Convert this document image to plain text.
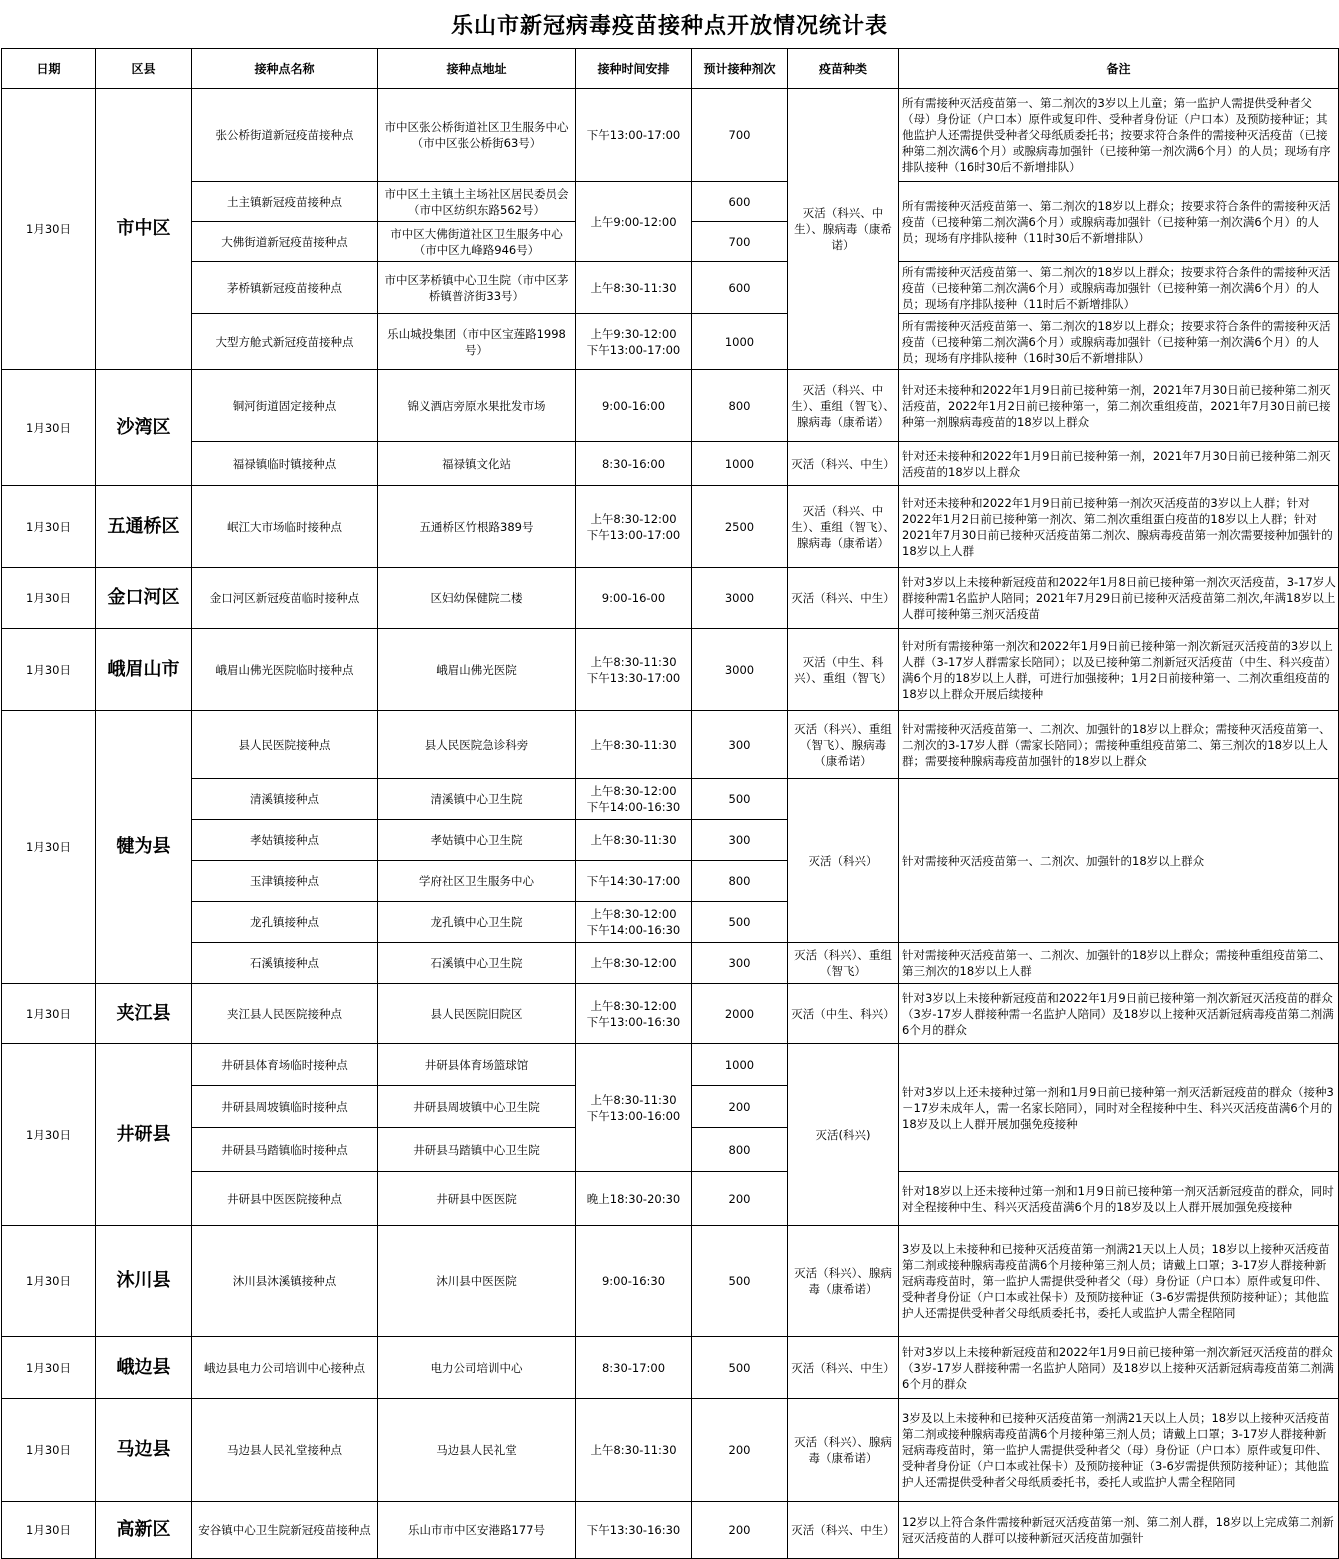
乐山市新冠病毒疫苗接种点开放情况统计表
日期	区县	接种点名称	接种点地址	接种时间安排	预计接种剂次	疫苗种类	备注
1月30日	市中区	张公桥街道新冠疫苗接种点	市中区张公桥街道社区卫生服务中心（市中区张公桥街63号）	下午13:00-17:00	700	灭活（科兴、中生）、腺病毒（康希诺）	所有需接种灭活疫苗第一、第二剂次的3岁以上儿童；第一监护人需提供受种者父（母）身份证（户口本）原件或复印件、受种者身份证（户口本）及预防接种证；其他监护人还需提供受种者父母纸质委托书；按要求符合条件的需接种灭活疫苗（已接种第二剂次满6个月）或腺病毒加强针（已接种第一剂次满6个月）的人员；现场有序排队接种（16时30后不新增排队）
		土主镇新冠疫苗接种点	市中区土主镇土主场社区居民委员会（市中区纺织东路562号）	上午9:00-12:00	600		所有需接种灭活疫苗第一、第二剂次的18岁以上群众；按要求符合条件的需接种灭活疫苗（已接种第二剂次满6个月）或腺病毒加强针（已接种第一剂次满6个月）的人员；现场有序排队接种（11时30后不新增排队）
		大佛街道新冠疫苗接种点	市中区大佛街道社区卫生服务中心（市中区九峰路946号）		700		
		茅桥镇新冠疫苗接种点	市中区茅桥镇中心卫生院（市中区茅桥镇普济街33号）	上午8:30-11:30	600		所有需接种灭活疫苗第一、第二剂次的18岁以上群众；按要求符合条件的需接种灭活疫苗（已接种第二剂次满6个月）或腺病毒加强针（已接种第一剂次满6个月）的人员；现场有序排队接种（11时后不新增排队）
		大型方舱式新冠疫苗接种点	乐山城投集团（市中区宝莲路1998号）	上午9:30-12:00
下午13:00-17:00	1000		所有需接种灭活疫苗第一、第二剂次的18岁以上群众；按要求符合条件的需接种灭活疫苗（已接种第二剂次满6个月）或腺病毒加强针（已接种第一剂次满6个月）的人员；现场有序排队接种（16时30后不新增排队）
1月30日	沙湾区	铜河街道固定接种点	锦义酒店旁原水果批发市场	9:00-16:00	800	灭活（科兴、中生）、重组（智飞）、腺病毒（康希诺）	针对还未接种和2022年1月9日前已接种第一剂，2021年7月30日前已接种第二剂灭活疫苗，2022年1月2日前已接种第一，第二剂次重组疫苗，2021年7月30日前已接种第一剂腺病毒疫苗的18岁以上群众
		福禄镇临时镇接种点	福禄镇文化站	8:30-16:00	1000	灭活（科兴、中生）	针对还未接种和2022年1月9日前已接种第一剂，2021年7月30日前已接种第二剂灭活疫苗的18岁以上群众
1月30日	五通桥区	岷江大市场临时接种点	五通桥区竹根路389号	上午8:30-12:00
下午13:00-17:00	2500	灭活（科兴、中生）、重组（智飞）、腺病毒（康希诺）	针对还未接种和2022年1月9日前已接种第一剂次灭活疫苗的3岁以上人群；针对2022年1月2日前已接种第一剂次、第二剂次重组蛋白疫苗的18岁以上人群；针对2021年7月30日前已接种灭活疫苗第二剂次、腺病毒疫苗第一剂次需要接种加强针的18岁以上人群
1月30日	金口河区	金口河区新冠疫苗临时接种点	区妇幼保健院二楼	9:00-16-00	3000	灭活（科兴、中生）	针对3岁以上未接种新冠疫苗和2022年1月8日前已接种第一剂次灭活疫苗，3-17岁人群接种需1名监护人陪同；2021年7月29日前已接种灭活疫苗第二剂次,年满18岁以上人群可接种第三剂灭活疫苗
1月30日	峨眉山市	峨眉山佛光医院临时接种点	峨眉山佛光医院	上午8:30-11:30
下午13:30-17:00	3000	灭活（中生、科兴）、重组（智飞）	针对所有需接种第一剂次和2022年1月9日前已接种第一剂次新冠灭活疫苗的3岁以上人群（3-17岁人群需家长陪同）；以及已接种第二剂新冠灭活疫苗（中生、科兴疫苗）满6个月的18岁以上人群，可进行加强接种；1月2日前接种第一、二剂次重组疫苗的18岁以上群众开展后续接种
1月30日	犍为县	县人民医院接种点	县人民医院急诊科旁	上午8:30-11:30	300	灭活（科兴）、重组（智飞）、腺病毒（康希诺）	针对需接种灭活疫苗第一、二剂次、加强针的18岁以上群众；需接种灭活疫苗第一、二剂次的3-17岁人群（需家长陪同）；需接种重组疫苗第二、第三剂次的18岁以上人群；需要接种腺病毒疫苗加强针的18岁以上群众
		清溪镇接种点	清溪镇中心卫生院	上午8:30-12:00
下午14:00-16:30	500	灭活（科兴）	针对需接种灭活疫苗第一、二剂次、加强针的18岁以上群众
		孝姑镇接种点	孝姑镇中心卫生院	上午8:30-11:30	300		
		玉津镇接种点	学府社区卫生服务中心	下午14:30-17:00	800		
		龙孔镇接种点	龙孔镇中心卫生院	上午8:30-12:00
下午14:00-16:30	500		
		石溪镇接种点	石溪镇中心卫生院	上午8:30-12:00	300	灭活（科兴）、重组（智飞）	针对需接种灭活疫苗第一、二剂次、加强针的18岁以上群众；需接种重组疫苗第二、第三剂次的18岁以上人群
1月30日	夹江县	夹江县人民医院接种点	县人民医院旧院区	上午8:30-12:00
下午13:00-16:30	2000	灭活（中生、科兴）	针对3岁以上未接种新冠疫苗和2022年1月9日前已接种第一剂次新冠灭活疫苗的群众（3岁-17岁人群接种需一名监护人陪同）及18岁以上接种灭活新冠病毒疫苗第二剂满6个月的群众
1月30日	井研县	井研县体育场临时接种点	井研县体育场篮球馆	上午8:30-11:30
下午13:00-16:00	1000	灭活(科兴)	针对3岁以上还未接种过第一剂和1月9日前已接种第一剂灭活新冠疫苗的群众（接种3－17岁未成年人，需一名家长陪同），同时对全程接种中生、科兴灭活疫苗满6个月的18岁及以上人群开展加强免疫接种
		井研县周坡镇临时接种点	井研县周坡镇中心卫生院		200		
		井研县马踏镇临时接种点	井研县马踏镇中心卫生院		800		
		井研县中医医院接种点	井研县中医医院	晚上18:30-20:30	200		针对18岁以上还未接种过第一剂和1月9日前已接种第一剂灭活新冠疫苗的群众，同时对全程接种中生、科兴灭活疫苗满6个月的18岁及以上人群开展加强免疫接种
1月30日	沐川县	沐川县沐溪镇接种点	沐川县中医医院	9:00-16:30	500	灭活（科兴）、腺病毒（康希诺）	3岁及以上未接种和已接种灭活疫苗第一剂满21天以上人员；18岁以上接种灭活疫苗第二剂或接种腺病毒疫苗满6个月接种第三剂人员；请戴上口罩；3-17岁人群接种新冠病毒疫苗时，第一监护人需提供受种者父（母）身份证（户口本）原件或复印件、受种者身份证（户口本或社保卡）及预防接种证（3-6岁需提供预防接种证）；其他监护人还需提供受种者父母纸质委托书，委托人或监护人需全程陪同
1月30日	峨边县	峨边县电力公司培训中心接种点	电力公司培训中心	8:30-17:00	500	灭活（科兴、中生）	针对3岁以上未接种新冠疫苗和2022年1月9日前已接种第一剂次新冠灭活疫苗的群众（3岁-17岁人群接种需一名监护人陪同）及18岁以上接种灭活新冠病毒疫苗第二剂满6个月的群众
1月30日	马边县	马边县人民礼堂接种点	马边县人民礼堂	上午8:30-11:30	200	灭活（科兴）、腺病毒（康希诺）	3岁及以上未接种和已接种灭活疫苗第一剂满21天以上人员；18岁以上接种灭活疫苗第二剂或接种腺病毒疫苗满6个月接种第三剂人员；请戴上口罩；3-17岁人群接种新冠病毒疫苗时，第一监护人需提供受种者父（母）身份证（户口本）原件或复印件、受种者身份证（户口本或社保卡）及预防接种证（3-6岁需提供预防接种证）；其他监护人还需提供受种者父母纸质委托书，委托人或监护人需全程陪同
1月30日	高新区	安谷镇中心卫生院新冠疫苗接种点	乐山市市中区安港路177号	下午13:30-16:30	200	灭活（科兴、中生）	12岁以上符合条件需接种新冠灭活疫苗第一剂、第二剂人群，18岁以上完成第二剂新冠灭活疫苗的人群可以接种新冠灭活疫苗加强针
